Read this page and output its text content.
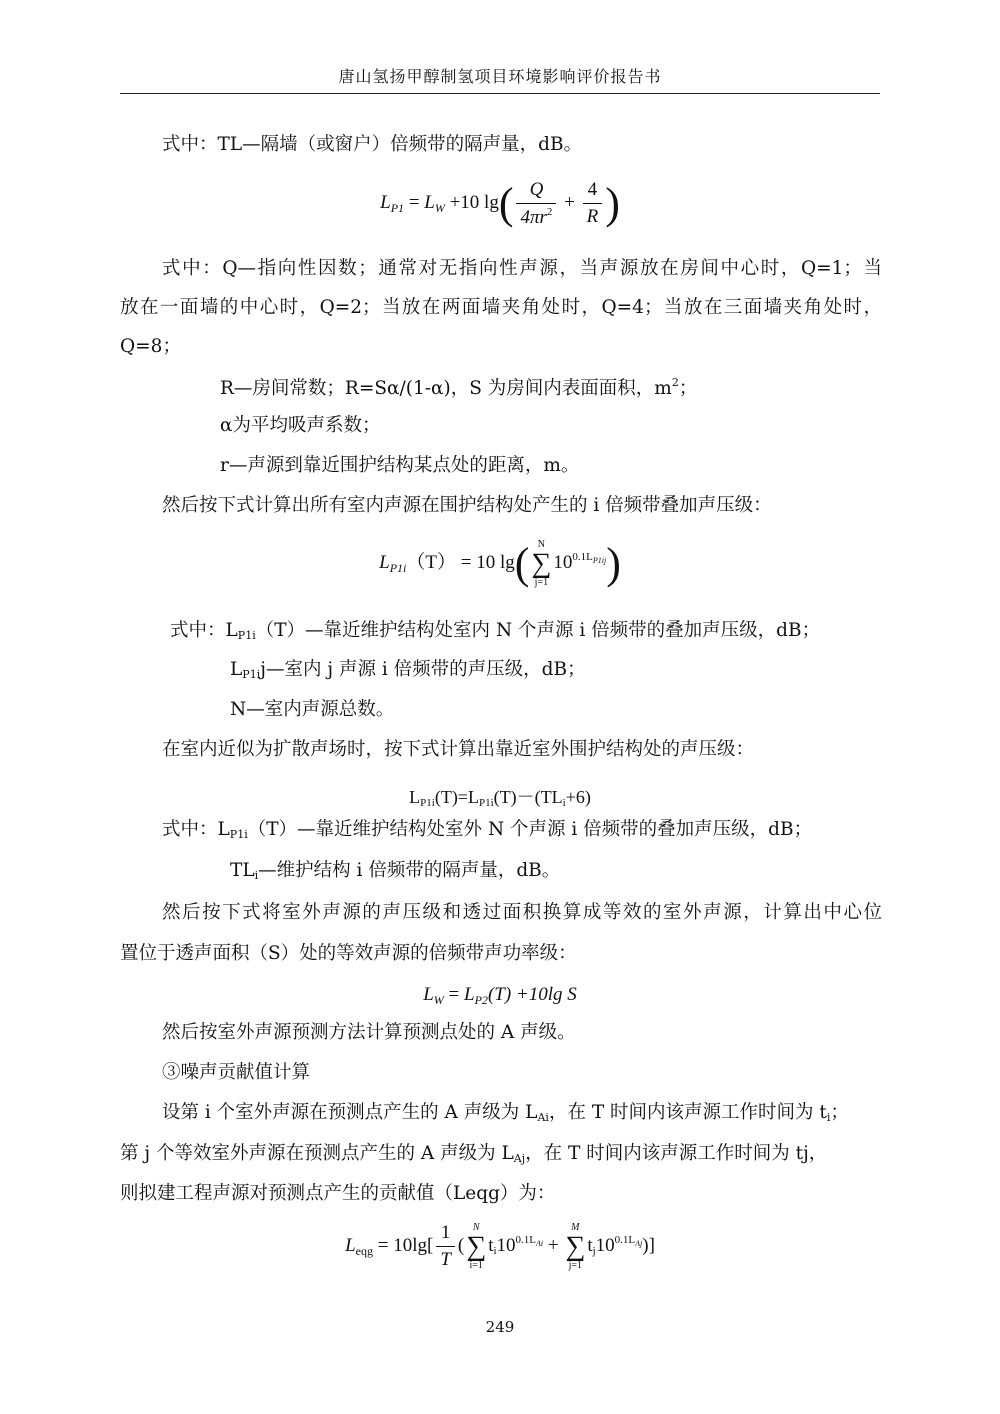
唐山氢扬甲醇制氢项目环境影响评价报告书
式中：TL—隔墙（或窗户）倍频带的隔声量，dB。
$L_{P1} = L_W +10$ $\lg( \frac{Q}{4\pi r^2} + \frac{4}{R}$ )
式中：Q—指向性因数；通常对无指向性声源，当声源放在房间中心时，Q=1；当
放在一面墙的中心时，Q=2；当放在两面墙夹角处时，Q=4；当放在三面墙夹角处时，
Q=8；
R—房间常数；R=Sα/(1-α)，S 为房间内表面面积，$m^2$；
α为平均吸声系数；
r—声源到靠近围护结构某点处的距离，m。
然后按下式计算出所有室内声源在围护结构处产生的 i 倍频带叠加声压级：
$L_{P1i}(T) = 10$ lg( N
∑
j=1
$10^{0.1L_{P1ij}}$)
式中：LP1i（T）—靠近维护结构处室内 N 个声源 i 倍频带的叠加声压级，dB；
LP1ij—室内 j 声源 i 倍频带的声压级，dB；
N—室内声源总数。
在室内近似为扩散声场时，按下式计算出靠近室外围护结构处的声压级：
LP1i(T)=LP1i(T)－(TLi+6)
式中：LP1i（T）—靠近维护结构处室外 N 个声源 i 倍频带的叠加声压级，dB；
TLi—维护结构 i 倍频带的隔声量，dB。
然后按下式将室外声源的声压级和透过面积换算成等效的室外声源，计算出中心位
置位于透声面积（S）处的等效声源的倍频带声功率级：
$L_W = L_{P2}(T) +10\lg$ S
然后按室外声源预测方法计算预测点处的 A 声级。
③噪声贡献值计算
设第 i 个室外声源在预测点产生的 A 声级为 LAi，在 T 时间内该声源工作时间为 ti；
第 j 个等效室外声源在预测点产生的 A 声级为 LAj，在 T 时间内该声源工作时间为 tj，
则拟建工程声源对预测点产生的贡献值（Leqg）为：
$L_{eqg} = 10\lg[ \frac{1}{T}$ (
N
∑
i=1
$ti10^{0.1L_{Ai}}$ +
M
∑
j=1
$tj10^{0.1L_{Aj}}$)]
249
